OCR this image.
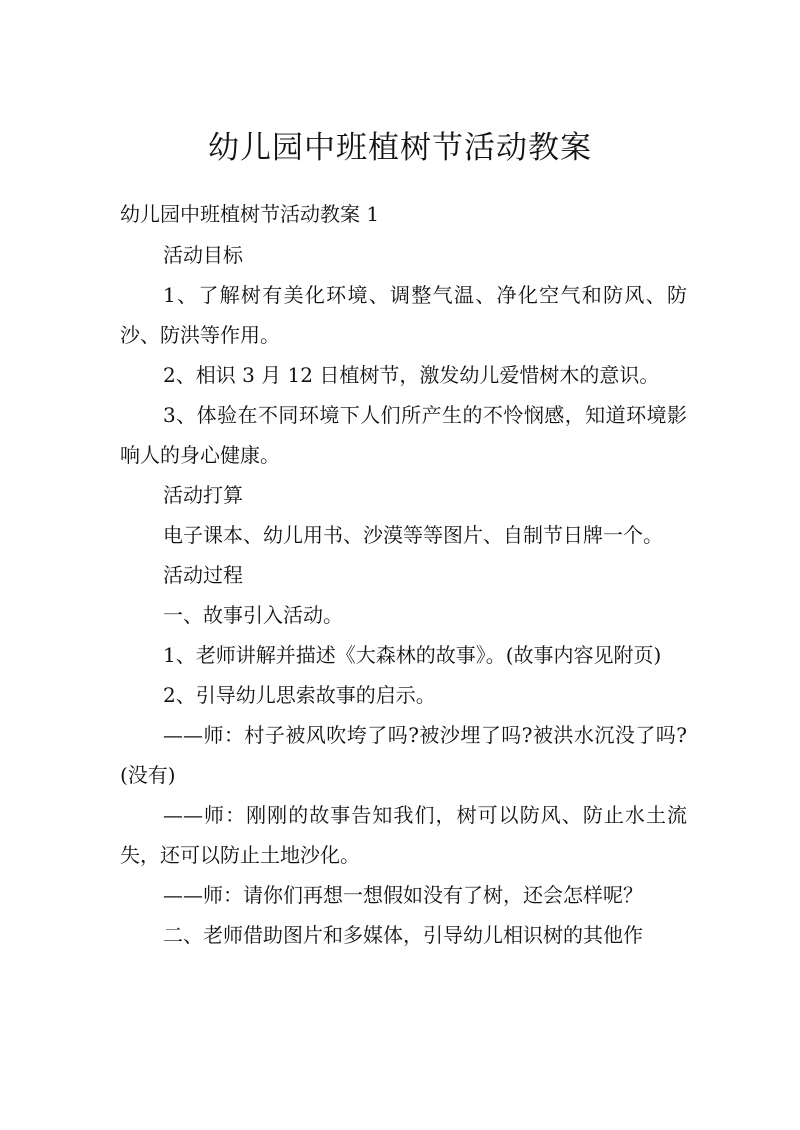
幼儿园中班植树节活动教案

幼儿园中班植树节活动教案 1

活动目标

1、了解树有美化环境、调整气温、净化空气和防风、防沙、防洪等作用。

2、相识 3 月 12 日植树节，激发幼儿爱惜树木的意识。

3、体验在不同环境下人们所产生的不怜悯感，知道环境影响人的身心健康。

活动打算

电子课本、幼儿用书、沙漠等等图片、自制节日牌一个。

活动过程

一、故事引入活动。

1、老师讲解并描述《大森林的故事》。(故事内容见附页)

2、引导幼儿思索故事的启示。

——师：村子被风吹垮了吗?被沙埋了吗?被洪水沉没了吗?(没有)

——师：刚刚的故事告知我们，树可以防风、防止水土流失，还可以防止土地沙化。

——师：请你们再想一想假如没有了树，还会怎样呢？

二、老师借助图片和多媒体，引导幼儿相识树的其他作
